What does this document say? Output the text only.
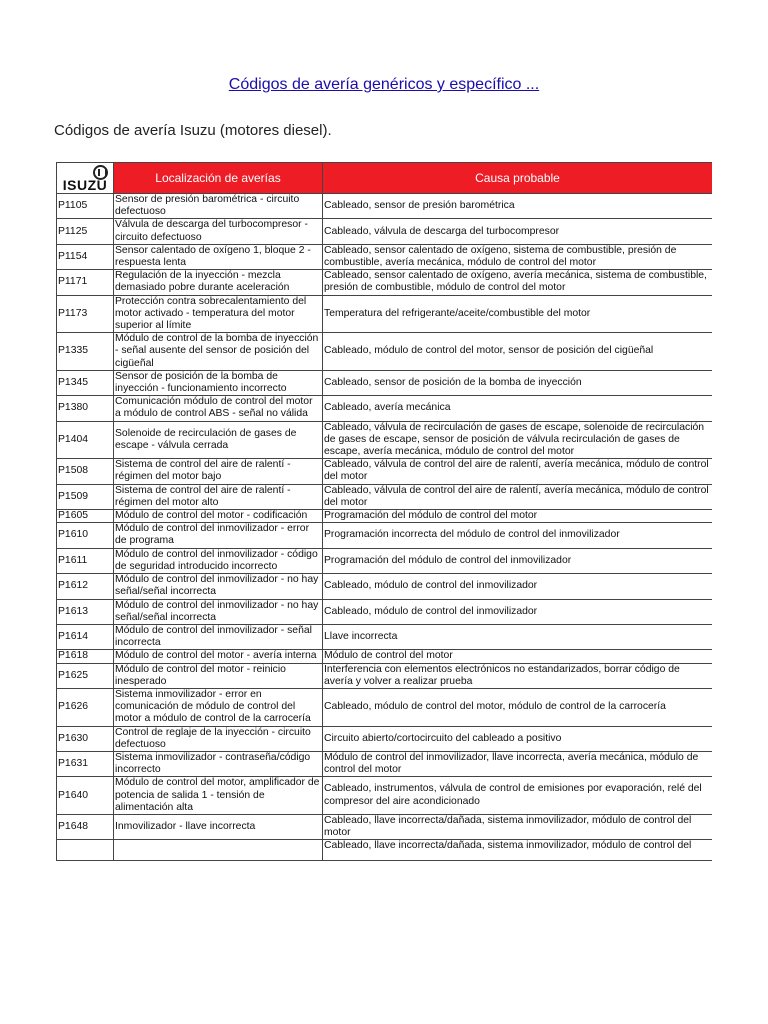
Códigos de avería genéricos y específico ...
Códigos de avería Isuzu (motores diesel).
ISUZU	Localización de averías	Causa probable
P1105	Sensor de presión barométrica - circuito defectuoso	Cableado, sensor de presión barométrica
P1125	Válvula de descarga del turbocompresor - circuito defectuoso	Cableado, válvula de descarga del turbocompresor
P1154	Sensor calentado de oxígeno 1, bloque 2 - respuesta lenta	Cableado, sensor calentado de oxígeno, sistema de combustible, presión de combustible, avería mecánica, módulo de control del motor
P1171	Regulación de la inyección - mezcla demasiado pobre durante aceleración	Cableado, sensor calentado de oxígeno, avería mecánica, sistema de combustible, presión de combustible, módulo de control del motor
P1173	Protección contra sobrecalentamiento del motor activado - temperatura del motor superior al límite	Temperatura del refrigerante/aceite/combustible del motor
P1335	Módulo de control de la bomba de inyección - señal ausente del sensor de posición del cigüeñal	Cableado, módulo de control del motor, sensor de posición del cigüeñal
P1345	Sensor de posición de la bomba de inyección - funcionamiento incorrecto	Cableado, sensor de posición de la bomba de inyección
P1380	Comunicación módulo de control del motor a módulo de control ABS - señal no válida	Cableado, avería mecánica
P1404	Solenoide de recirculación de gases de escape - válvula cerrada	Cableado, válvula de recirculación de gases de escape, solenoide de recirculación de gases de escape, sensor de posición de válvula recirculación de gases de escape, avería mecánica, módulo de control del motor
P1508	Sistema de control del aire de ralentí - régimen del motor bajo	Cableado, válvula de control del aire de ralentí, avería mecánica, módulo de control del motor
P1509	Sistema de control del aire de ralentí - régimen del motor alto	Cableado, válvula de control del aire de ralentí, avería mecánica, módulo de control del motor
P1605	Módulo de control del motor - codificación	Programación del módulo de control del motor
P1610	Módulo de control del inmovilizador - error de programa	Programación incorrecta del módulo de control del inmovilizador
P1611	Módulo de control del inmovilizador - código de seguridad introducido incorrecto	Programación del módulo de control del inmovilizador
P1612	Módulo de control del inmovilizador - no hay señal/señal incorrecta	Cableado, módulo de control del inmovilizador
P1613	Módulo de control del inmovilizador - no hay señal/señal incorrecta	Cableado, módulo de control del inmovilizador
P1614	Módulo de control del inmovilizador - señal incorrecta	Llave incorrecta
P1618	Módulo de control del motor - avería interna	Módulo de control del motor
P1625	Módulo de control del motor - reinicio inesperado	Interferencia con elementos electrónicos no estandarizados, borrar código de avería y volver a realizar prueba
P1626	Sistema inmovilizador - error en comunicación de módulo de control del motor a módulo de control de la carrocería	Cableado, módulo de control del motor, módulo de control de la carrocería
P1630	Control de reglaje de la inyección - circuito defectuoso	Circuito abierto/cortocircuito del cableado a positivo
P1631	Sistema inmovilizador - contraseña/código incorrecto	Módulo de control del inmovilizador, llave incorrecta, avería mecánica, módulo de control del motor
P1640	Módulo de control del motor, amplificador de potencia de salida 1 - tensión de alimentación alta	Cableado, instrumentos, válvula de control de emisiones por evaporación, relé del compresor del aire acondicionado
P1648	Inmovilizador - llave incorrecta	Cableado, llave incorrecta/dañada, sistema inmovilizador, módulo de control del motor
		Cableado, llave incorrecta/dañada, sistema inmovilizador, módulo de control del
